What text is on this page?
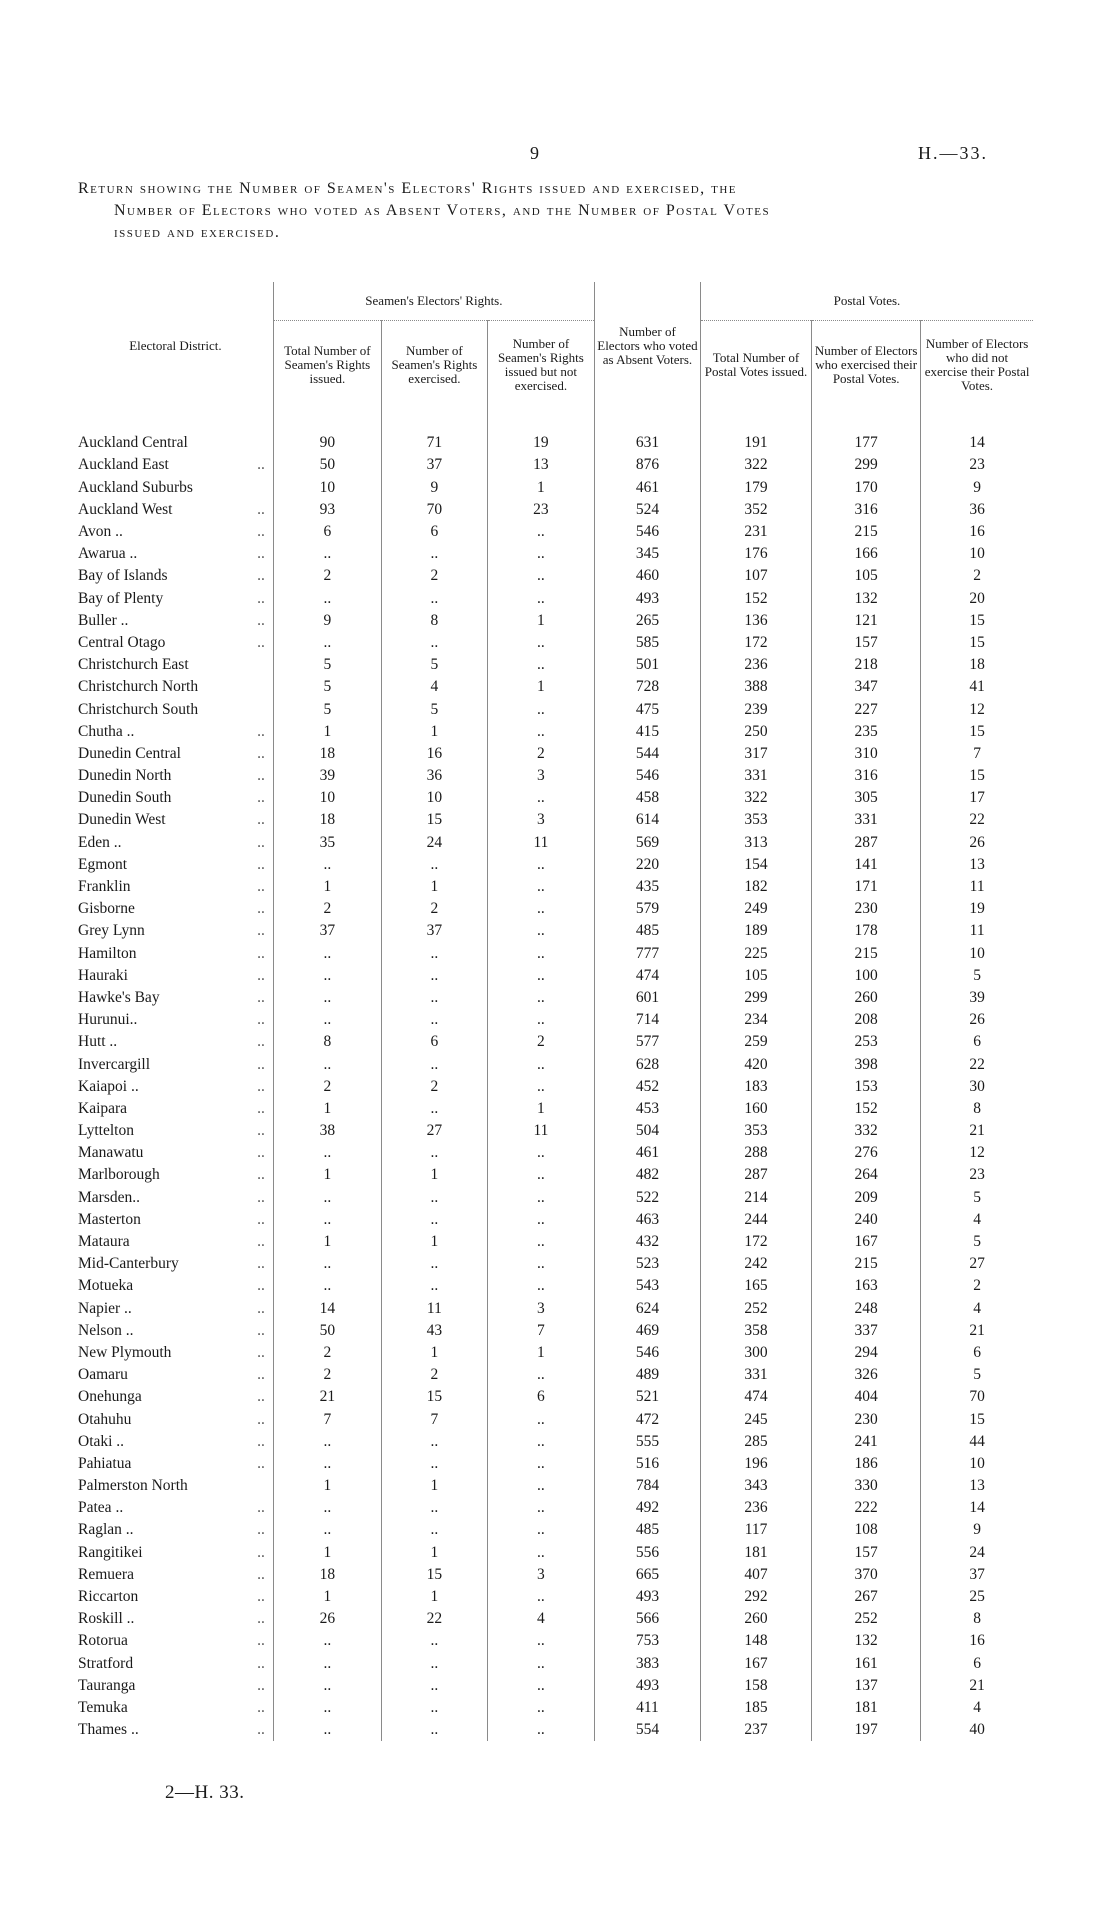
9	H.—33.
Return showing the Number of Seamen's Electors' Rights issued and exercised, the
Number of Electors who voted as Absent Voters, and the Number of Postal Votes
issued and exercised.
Electoral District.	Seamen's Electors' Rights.			Number of Electors who voted as Absent Voters.	Postal Votes.		
	Total Number of Seamen's Rights issued.	Number of Seamen's Rights exercised.	Number of Seamen's Rights issued but not exercised.		Total Number of Postal Votes issued.	Number of Electors who exercised their Postal Votes.	Number of Electors who did not exercise their Postal Votes.

Auckland Central	90	71	19	631	191	177	14
Auckland East ..	50	37	13	876	322	299	23
Auckland Suburbs	10	9	1	461	179	170	9
Auckland West ..	93	70	23	524	352	316	36
Avon .. ..	6	6	..	546	231	215	16
Awarua .. ..	..	..	..	345	176	166	10
Bay of Islands ..	2	2	..	460	107	105	2
Bay of Plenty ..	..	..	..	493	152	132	20
Buller .. ..	9	8	1	265	136	121	15
Central Otago ..	..	..	..	585	172	157	15
Christchurch East	5	5	..	501	236	218	18
Christchurch North	5	4	1	728	388	347	41
Christchurch South	5	5	..	475	239	227	12
Chutha .. ..	1	1	..	415	250	235	15
Dunedin Central ..	18	16	2	544	317	310	7
Dunedin North ..	39	36	3	546	331	316	15
Dunedin South ..	10	10	..	458	322	305	17
Dunedin West ..	18	15	3	614	353	331	22
Eden .. ..	35	24	11	569	313	287	26
Egmont ..	..	..	..	220	154	141	13
Franklin ..	1	1	..	435	182	171	11
Gisborne ..	2	2	..	579	249	230	19
Grey Lynn ..	37	37	..	485	189	178	11
Hamilton ..	..	..	..	777	225	215	10
Hauraki ..	..	..	..	474	105	100	5
Hawke's Bay ..	..	..	..	601	299	260	39
Hurunui.. ..	..	..	..	714	234	208	26
Hutt .. ..	8	6	2	577	259	253	6
Invercargill ..	..	..	..	628	420	398	22
Kaiapoi .. ..	2	2	..	452	183	153	30
Kaipara ..	1	..	1	453	160	152	8
Lyttelton ..	38	27	11	504	353	332	21
Manawatu ..	..	..	..	461	288	276	12
Marlborough ..	1	1	..	482	287	264	23
Marsden.. ..	..	..	..	522	214	209	5
Masterton ..	..	..	..	463	244	240	4
Mataura ..	1	1	..	432	172	167	5
Mid-Canterbury ..	..	..	..	523	242	215	27
Motueka ..	..	..	..	543	165	163	2
Napier .. ..	14	11	3	624	252	248	4
Nelson .. ..	50	43	7	469	358	337	21
New Plymouth ..	2	1	1	546	300	294	6
Oamaru ..	2	2	..	489	331	326	5
Onehunga ..	21	15	6	521	474	404	70
Otahuhu ..	7	7	..	472	245	230	15
Otaki .. ..	..	..	..	555	285	241	44
Pahiatua ..	..	..	..	516	196	186	10
Palmerston North	1	1	..	784	343	330	13
Patea .. ..	..	..	..	492	236	222	14
Raglan .. ..	..	..	..	485	117	108	9
Rangitikei ..	1	1	..	556	181	157	24
Remuera ..	18	15	3	665	407	370	37
Riccarton ..	1	1	..	493	292	267	25
Roskill .. ..	26	22	4	566	260	252	8
Rotorua ..	..	..	..	753	148	132	16
Stratford ..	..	..	..	383	167	161	6
Tauranga ..	..	..	..	493	158	137	21
Temuka ..	..	..	..	411	185	181	4
Thames .. ..	..	..	..	554	237	197	40
2—H. 33.
